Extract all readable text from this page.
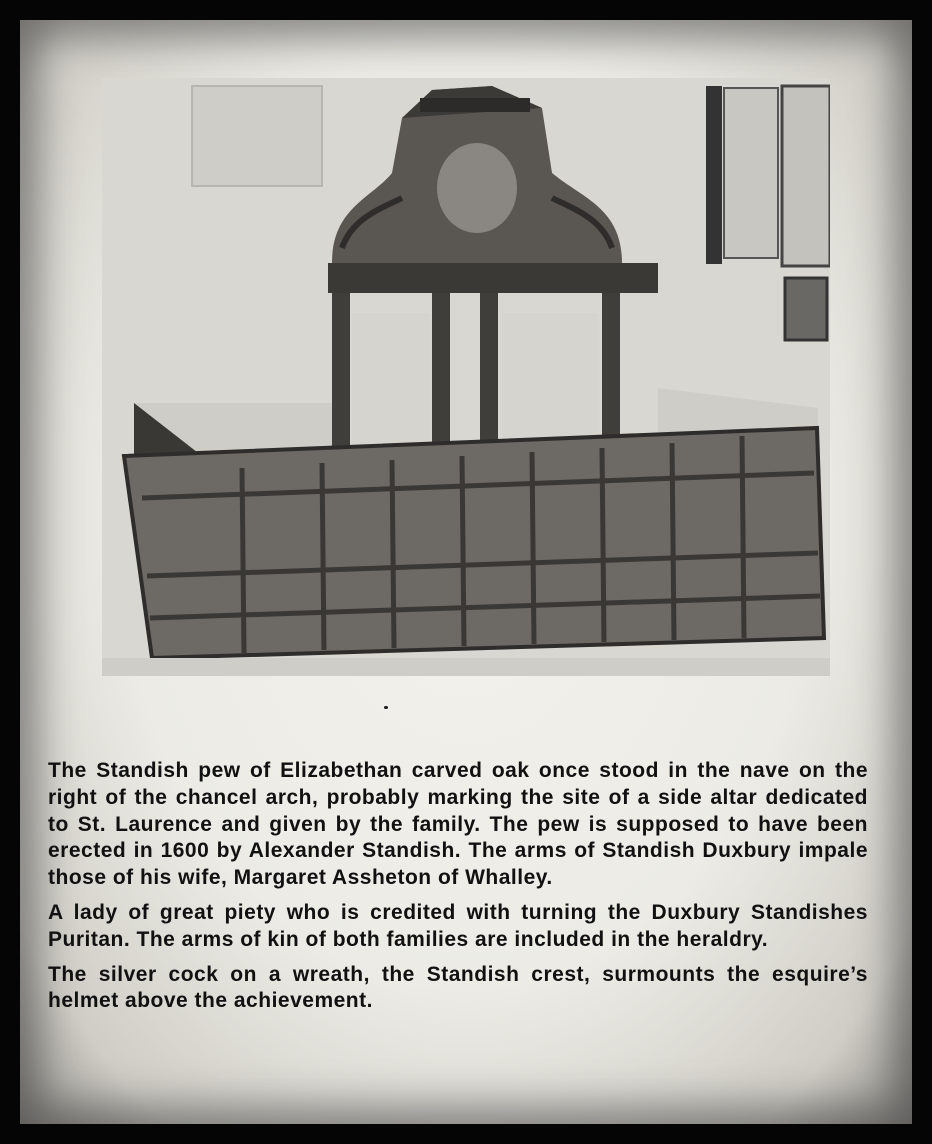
The Standish pew of Elizabethan carved oak once stood in the nave on the right of the chancel arch, probably marking the site of a side altar dedicated to St. Laurence and given by the family. The pew is supposed to have been erected in 1600 by Alexander Standish. The arms of Standish Duxbury impale those of his wife, Margaret Assheton of Whalley.

A lady of great piety who is credited with turning the Duxbury Standishes Puritan. The arms of kin of both families are included in the heraldry.

The silver cock on a wreath, the Standish crest, surmounts the esquire’s helmet above the achievement.
